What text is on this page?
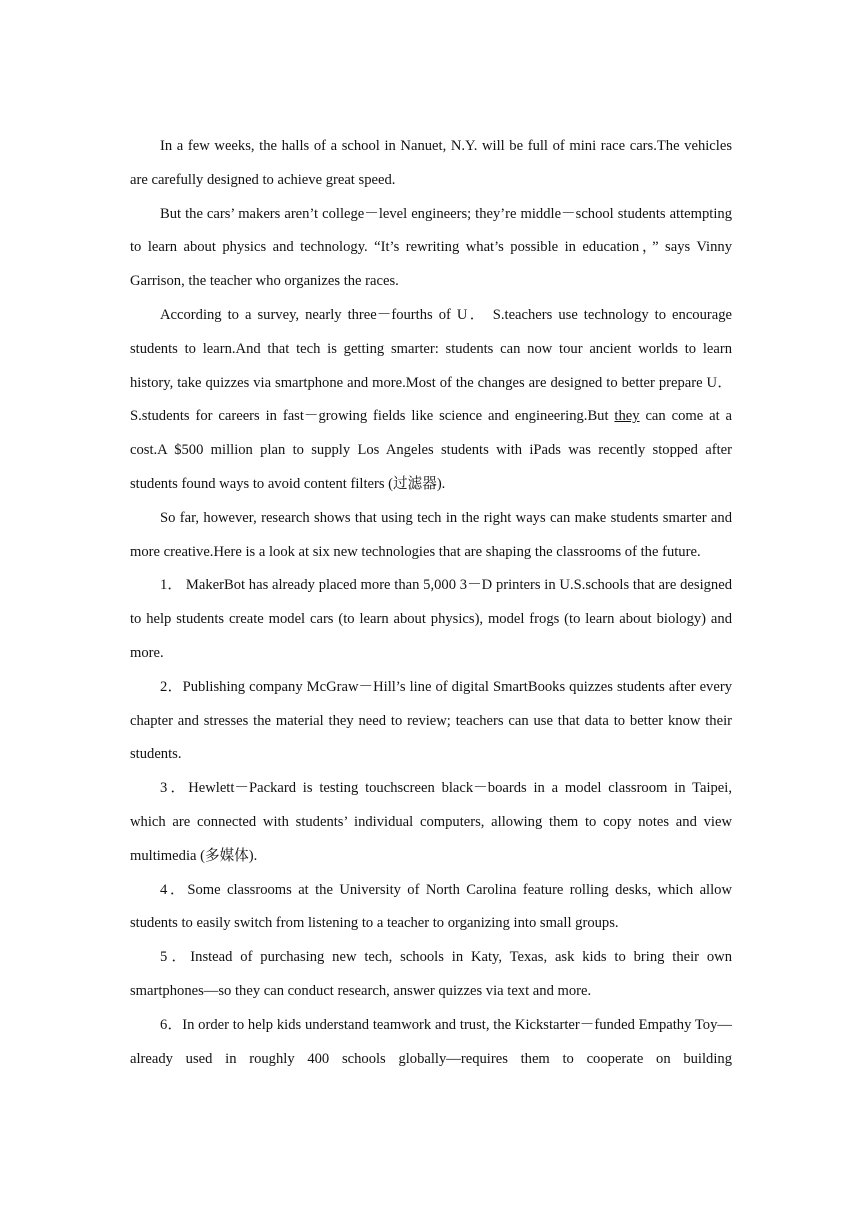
In a few weeks, the halls of a school in Nanuet, N.Y. will be full of mini race cars.The vehicles are carefully designed to achieve great speed.

But the cars’ makers aren’t college－level engineers; they’re middle－school students attempting to learn about physics and technology. “It’s rewriting what’s possible in education，” says Vinny Garrison, the teacher who organizes the races.

According to a survey, nearly three－fourths of U． S.teachers use technology to encourage students to learn.And that tech is getting smarter: students can now tour ancient worlds to learn history, take quizzes via smartphone and more.Most of the changes are designed to better prepare U．S.students for careers in fast－growing fields like science and engineering.But they can come at a cost.A $500 million plan to supply Los Angeles students with iPads was recently stopped after students found ways to avoid content filters (过滤器).

So far, however, research shows that using tech in the right ways can make students smarter and more creative.Here is a look at six new technologies that are shaping the classrooms of the future.

1． MakerBot has already placed more than 5,000 3－D printers in U.S.schools that are designed to help students create model cars (to learn about physics), model frogs (to learn about biology) and more.

2．Publishing company McGraw－Hill’s line of digital SmartBooks quizzes students after every chapter and stresses the material they need to review; teachers can use that data to better know their students.

3．Hewlett－Packard is testing touchscreen black－boards in a model classroom in Taipei, which are connected with students’ individual computers, allowing them to copy notes and view multimedia (多媒体).

4．Some classrooms at the University of North Carolina feature rolling desks, which allow students to easily switch from listening to a teacher to organizing into small groups.

5．Instead of purchasing new tech, schools in Katy, Texas, ask kids to bring their own smartphones—so they can conduct research, answer quizzes via text and more.

6．In order to help kids understand teamwork and trust, the Kickstarter－funded Empathy Toy—already used in roughly 400 schools globally—requires them to cooperate on building
